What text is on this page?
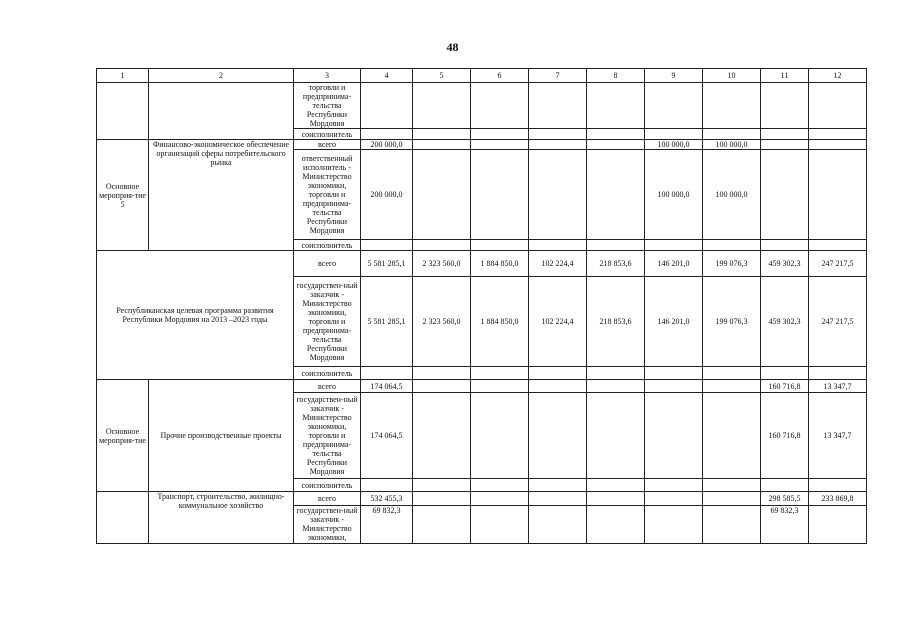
48
1	2	3	4	5	6	7	8	9	10	11	12
		торговли и предпринима-тельства Республики Мордовия									
		соисполнитель									
Основное мероприя-тие 5	Финансово-экономическое обеспечение организаций сферы потребительского рынка	всего	200 000,0					100 000,0	100 000,0		
		ответственный исполнитель - Министерство экономики, торговли и предпринима-тельства Республики Мордовия	200 000,0					100 000,0	100 000,0		
		соисполнитель									
Республиканская целевая программа развития Республики Мордовия на 2013 –2023 годы		всего	5 581 285,1	2 323 560,0	1 884 850,0	102 224,4	218 853,6	146 201,0	199 076,3	459 302,3	247 217,5
		государствен-ный заказчик - Министерство экономики, торговли и предпринима-тельства Республики Мордовия	5 581 285,1	2 323 560,0	1 884 850,0	102 224,4	218 853,6	146 201,0	199 076,3	459 302,3	247 217,5
		соисполнитель									
Основное мероприя-тие	Прочие производственные проекты	всего	174 064,5							160 716,8	13 347,7
		государствен-ный заказчик - Министерство экономики, торговли и предпринима-тельства Республики Мордовия	174 064,5							160 716,8	13 347,7
		соисполнитель									
	Транспорт, строительство, жилищно-коммунальное хозяйство	всего	532 455,3							298 585,5	233 869,8
		государствен-ный заказчик - Министерство экономики,	69 832,3							69 832,3	
